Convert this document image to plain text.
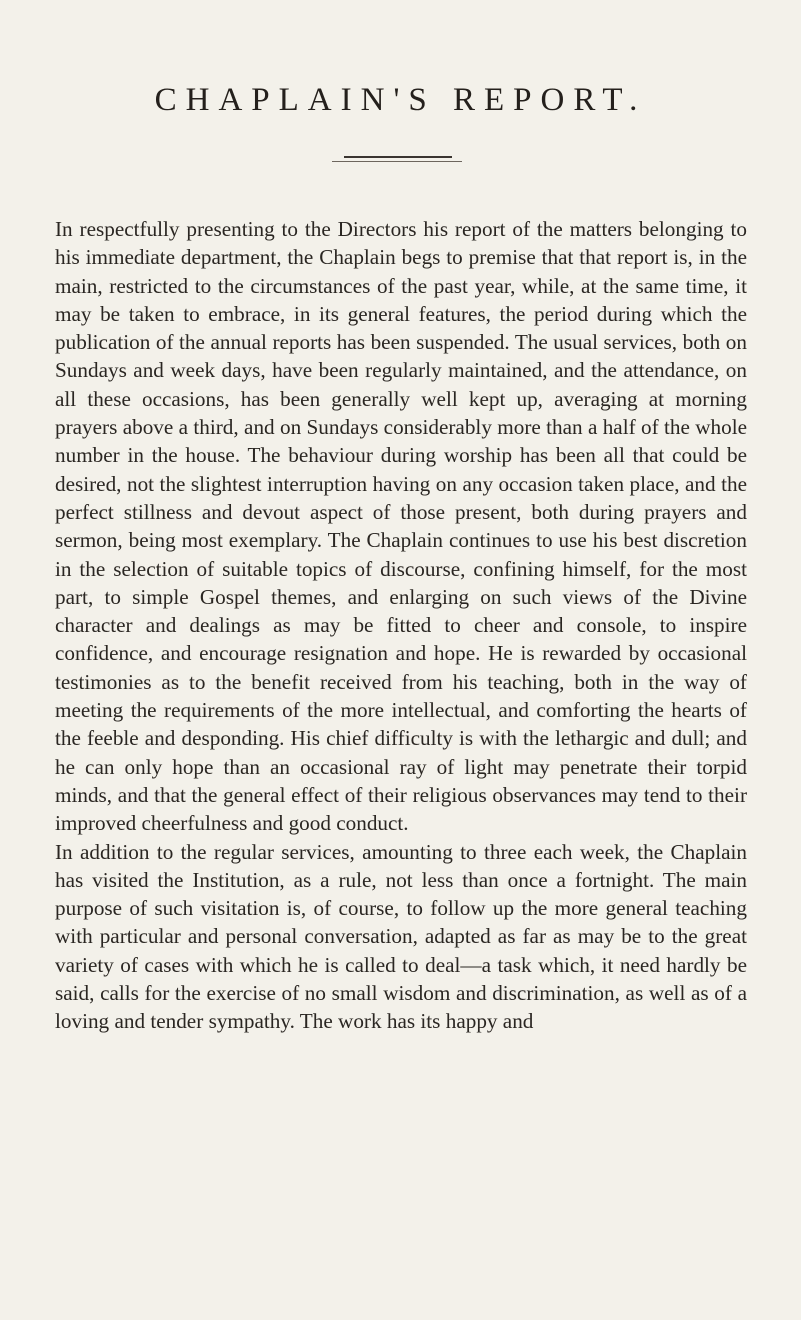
CHAPLAIN'S REPORT.

In respectfully presenting to the Directors his report of the matters belonging to his immediate department, the Chaplain begs to premise that that report is, in the main, restricted to the circumstances of the past year, while, at the same time, it may be taken to embrace, in its general features, the period during which the publication of the annual reports has been suspended. The usual services, both on Sundays and week days, have been regularly maintained, and the attendance, on all these occasions, has been generally well kept up, averaging at morning prayers above a third, and on Sundays considerably more than a half of the whole number in the house. The behaviour during worship has been all that could be desired, not the slightest interruption having on any occasion taken place, and the perfect stillness and devout aspect of those present, both during prayers and sermon, being most exemplary. The Chaplain continues to use his best discretion in the selection of suitable topics of discourse, confining himself, for the most part, to simple Gospel themes, and enlarging on such views of the Divine character and dealings as may be fitted to cheer and console, to inspire confidence, and encourage resignation and hope. He is rewarded by occasional testimonies as to the benefit received from his teaching, both in the way of meeting the requirements of the more intellectual, and comforting the hearts of the feeble and desponding. His chief difficulty is with the lethargic and dull; and he can only hope than an occasional ray of light may penetrate their torpid minds, and that the general effect of their religious observances may tend to their improved cheerfulness and good conduct.

In addition to the regular services, amounting to three each week, the Chaplain has visited the Institution, as a rule, not less than once a fortnight. The main purpose of such visitation is, of course, to follow up the more general teaching with particular and personal conversation, adapted as far as may be to the great variety of cases with which he is called to deal—a task which, it need hardly be said, calls for the exercise of no small wisdom and discrimination, as well as of a loving and tender sympathy. The work has its happy and
